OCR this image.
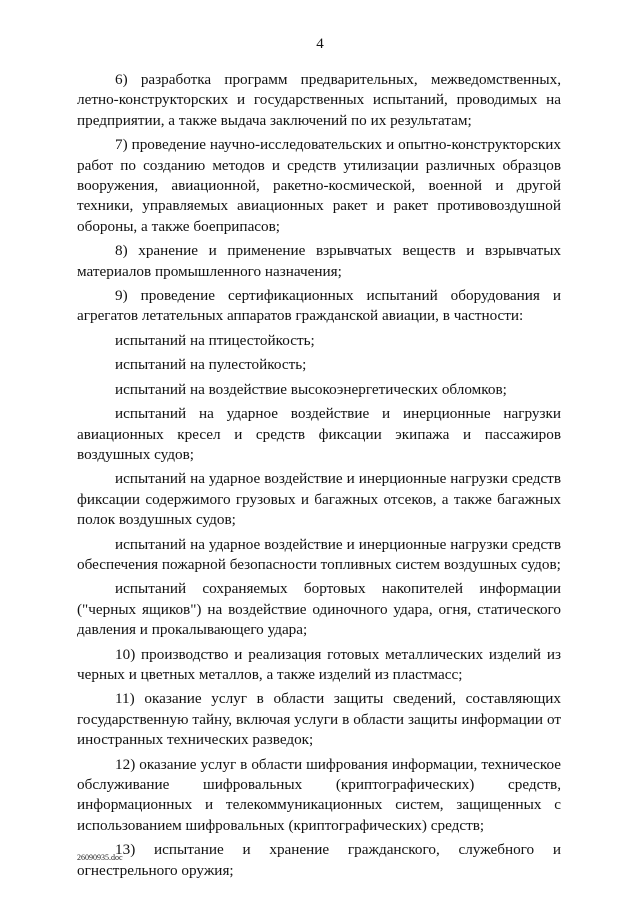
4

6) разработка программ предварительных, межведомственных, летно-конструкторских и государственных испытаний, проводимых на предприятии, а также выдача заключений по их результатам;

7) проведение научно-исследовательских и опытно-конструкторских работ по созданию методов и средств утилизации различных образцов вооружения, авиационной, ракетно-космической, военной и другой техники, управляемых авиационных ракет и ракет противовоздушной обороны, а также боеприпасов;

8) хранение и применение взрывчатых веществ и взрывчатых материалов промышленного назначения;

9) проведение сертификационных испытаний оборудования и агрегатов летательных аппаратов гражданской авиации, в частности:

испытаний на птицестойкость;

испытаний на пулестойкость;

испытаний на воздействие высокоэнергетических обломков;

испытаний на ударное воздействие и инерционные нагрузки авиационных кресел и средств фиксации экипажа и пассажиров воздушных судов;

испытаний на ударное воздействие и инерционные нагрузки средств фиксации содержимого грузовых и багажных отсеков, а также багажных полок воздушных судов;

испытаний на ударное воздействие и инерционные нагрузки средств обеспечения пожарной безопасности топливных систем воздушных судов;

испытаний сохраняемых бортовых накопителей информации ("черных ящиков") на воздействие одиночного удара, огня, статического давления и прокалывающего удара;

10) производство и реализация готовых металлических изделий из черных и цветных металлов, а также изделий из пластмасс;

11) оказание услуг в области защиты сведений, составляющих государственную тайну, включая услуги в области защиты информации от иностранных технических разведок;

12) оказание услуг в области шифрования информации, техническое обслуживание шифровальных (криптографических) средств, информационных и телекоммуникационных систем, защищенных с использованием шифровальных (криптографических) средств;

13) испытание и хранение гражданского, служебного и огнестрельного оружия;

26090935.doc
